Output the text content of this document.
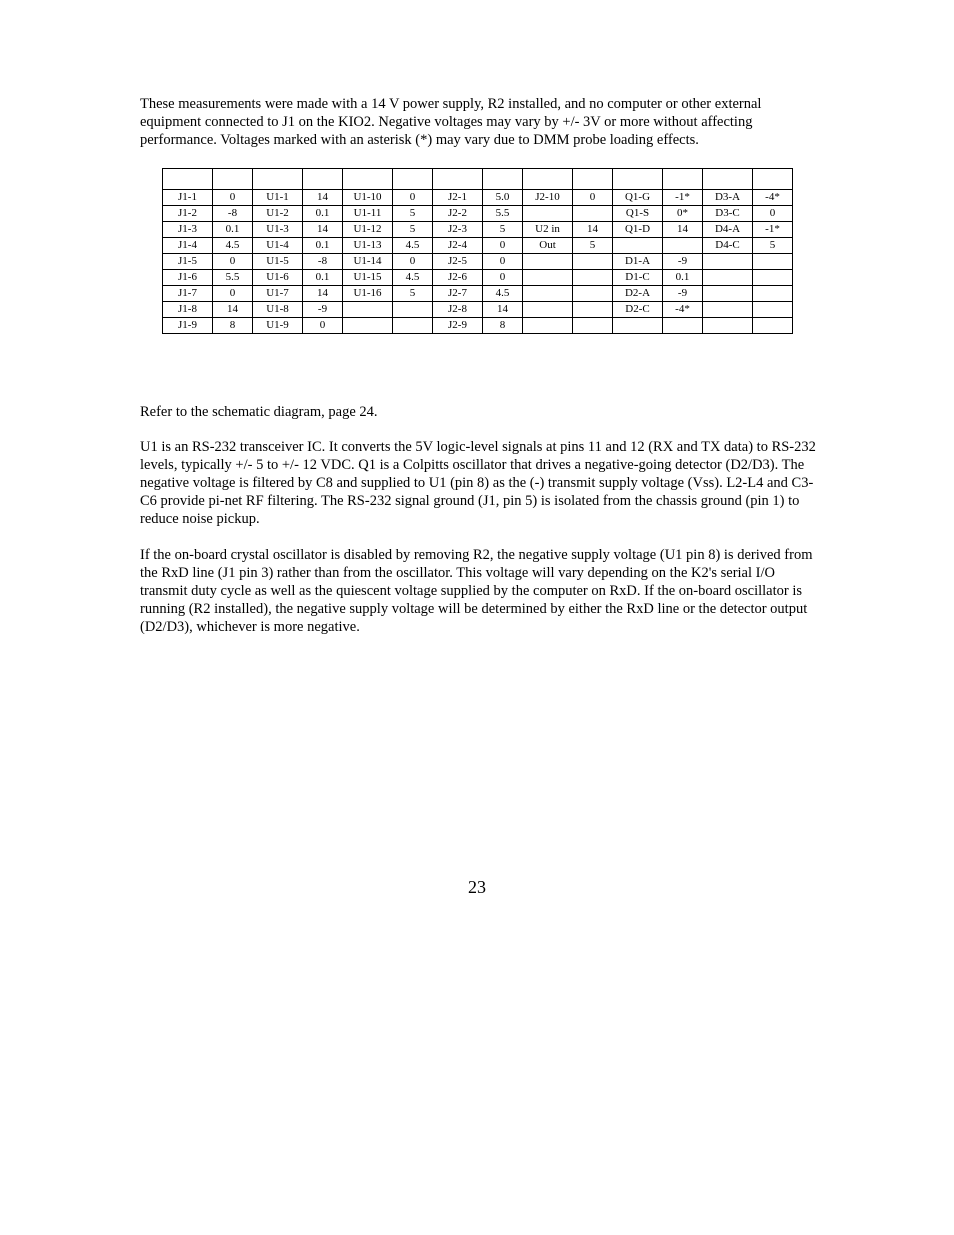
These measurements were made with a 14 V power supply, R2 installed, and no computer or other external equipment connected to J1 on the KIO2. Negative voltages may vary by +/- 3V or more without affecting performance. Voltages marked with an asterisk (*) may vary due to DMM probe loading effects.

J1-1	0	U1-1	14	U1-10	0	J2-1	5.0	J2-10	0	Q1-G	-1*	D3-A	-4*
J1-2	-8	U1-2	0.1	U1-11	5	J2-2	5.5			Q1-S	0*	D3-C	0
J1-3	0.1	U1-3	14	U1-12	5	J2-3	5	U2 in	14	Q1-D	14	D4-A	-1*
J1-4	4.5	U1-4	0.1	U1-13	4.5	J2-4	0	Out	5			D4-C	5
J1-5	0	U1-5	-8	U1-14	0	J2-5	0			D1-A	-9		
J1-6	5.5	U1-6	0.1	U1-15	4.5	J2-6	0			D1-C	0.1		
J1-7	0	U1-7	14	U1-16	5	J2-7	4.5			D2-A	-9		
J1-8	14	U1-8	-9			J2-8	14			D2-C	-4*		
J1-9	8	U1-9	0			J2-9	8						

Refer to the schematic diagram, page 24.

U1 is an RS-232 transceiver IC. It converts the 5V logic-level signals at pins 11 and 12 (RX and TX data) to RS-232 levels, typically +/- 5 to +/- 12 VDC. Q1 is a Colpitts oscillator that drives a negative-going detector (D2/D3). The negative voltage is filtered by C8 and supplied to U1 (pin 8) as the (-) transmit supply voltage (Vss). L2-L4 and C3-C6 provide pi-net RF filtering. The RS-232 signal ground (J1, pin 5) is isolated from the chassis ground (pin 1) to reduce noise pickup.

If the on-board crystal oscillator is disabled by removing R2, the negative supply voltage (U1 pin 8) is derived from the RxD line (J1 pin 3) rather than from the oscillator. This voltage will vary depending on the K2's serial I/O transmit duty cycle as well as the quiescent voltage supplied by the computer on RxD. If the on-board oscillator is running (R2 installed), the negative supply voltage will be determined by either the RxD line or the detector output (D2/D3), whichever is more negative.

23
